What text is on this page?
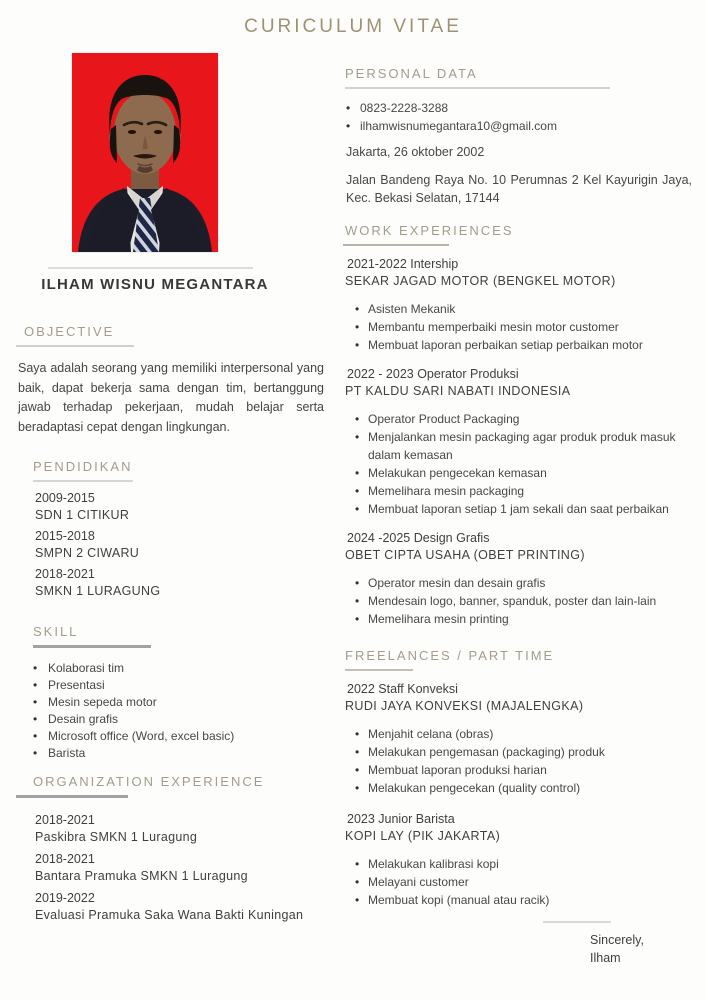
CURICULUM VITAE
ILHAM WISNU MEGANTARA
OBJECTIVE

Saya adalah seorang yang memiliki interpersonal yang baik, dapat bekerja sama dengan tim, bertanggung jawab terhadap pekerjaan, mudah belajar serta beradaptasi cepat dengan lingkungan.

PENDIDIKAN
2009-2015
SDN 1 CITIKUR
2015-2018
SMPN 2 CIWARU
2018-2021
SMKN 1 LURAGUNG
SKILL
• Kolaborasi tim
• Presentasi
• Mesin sepeda motor
• Desain grafis
• Microsoft office (Word, excel basic)
• Barista
ORGANIZATION EXPERIENCE
2018-2021
Paskibra SMKN 1 Luragung
2018-2021
Bantara Pramuka SMKN 1 Luragung
2019-2022
Evaluasi Pramuka Saka Wana Bakti Kuningan
PERSONAL DATA
• 0823-2228-3288
• ilhamwisnumegantara10@gmail.com
Jakarta, 26 oktober 2002
Jalan Bandeng Raya No. 10 Perumnas 2 Kel Kayurigin Jaya, Kec. Bekasi Selatan, 17144
WORK EXPERIENCES
2021-2022 Intership
SEKAR JAGAD MOTOR (BENGKEL MOTOR)
• Asisten Mekanik
• Membantu memperbaiki mesin motor customer
• Membuat laporan perbaikan setiap perbaikan motor
2022 - 2023 Operator Produksi
PT KALDU SARI NABATI INDONESIA
• Operator Product Packaging
• Menjalankan mesin packaging agar produk produk masuk dalam kemasan
• Melakukan pengecekan kemasan
• Memelihara mesin packaging
• Membuat laporan setiap 1 jam sekali dan saat perbaikan
2024 -2025 Design Grafis
OBET CIPTA USAHA (OBET PRINTING)
• Operator mesin dan desain grafis
• Mendesain logo, banner, spanduk, poster dan lain-lain
• Memelihara mesin printing
FREELANCES / PART TIME
2022 Staff Konveksi
RUDI JAYA KONVEKSI (MAJALENGKA)
• Menjahit celana (obras)
• Melakukan pengemasan (packaging) produk
• Membuat laporan produksi harian
• Melakukan pengecekan (quality control)
2023 Junior Barista
KOPI LAY (PIK JAKARTA)
• Melakukan kalibrasi kopi
• Melayani customer
• Membuat kopi (manual atau racik)
Sincerely,
Ilham
